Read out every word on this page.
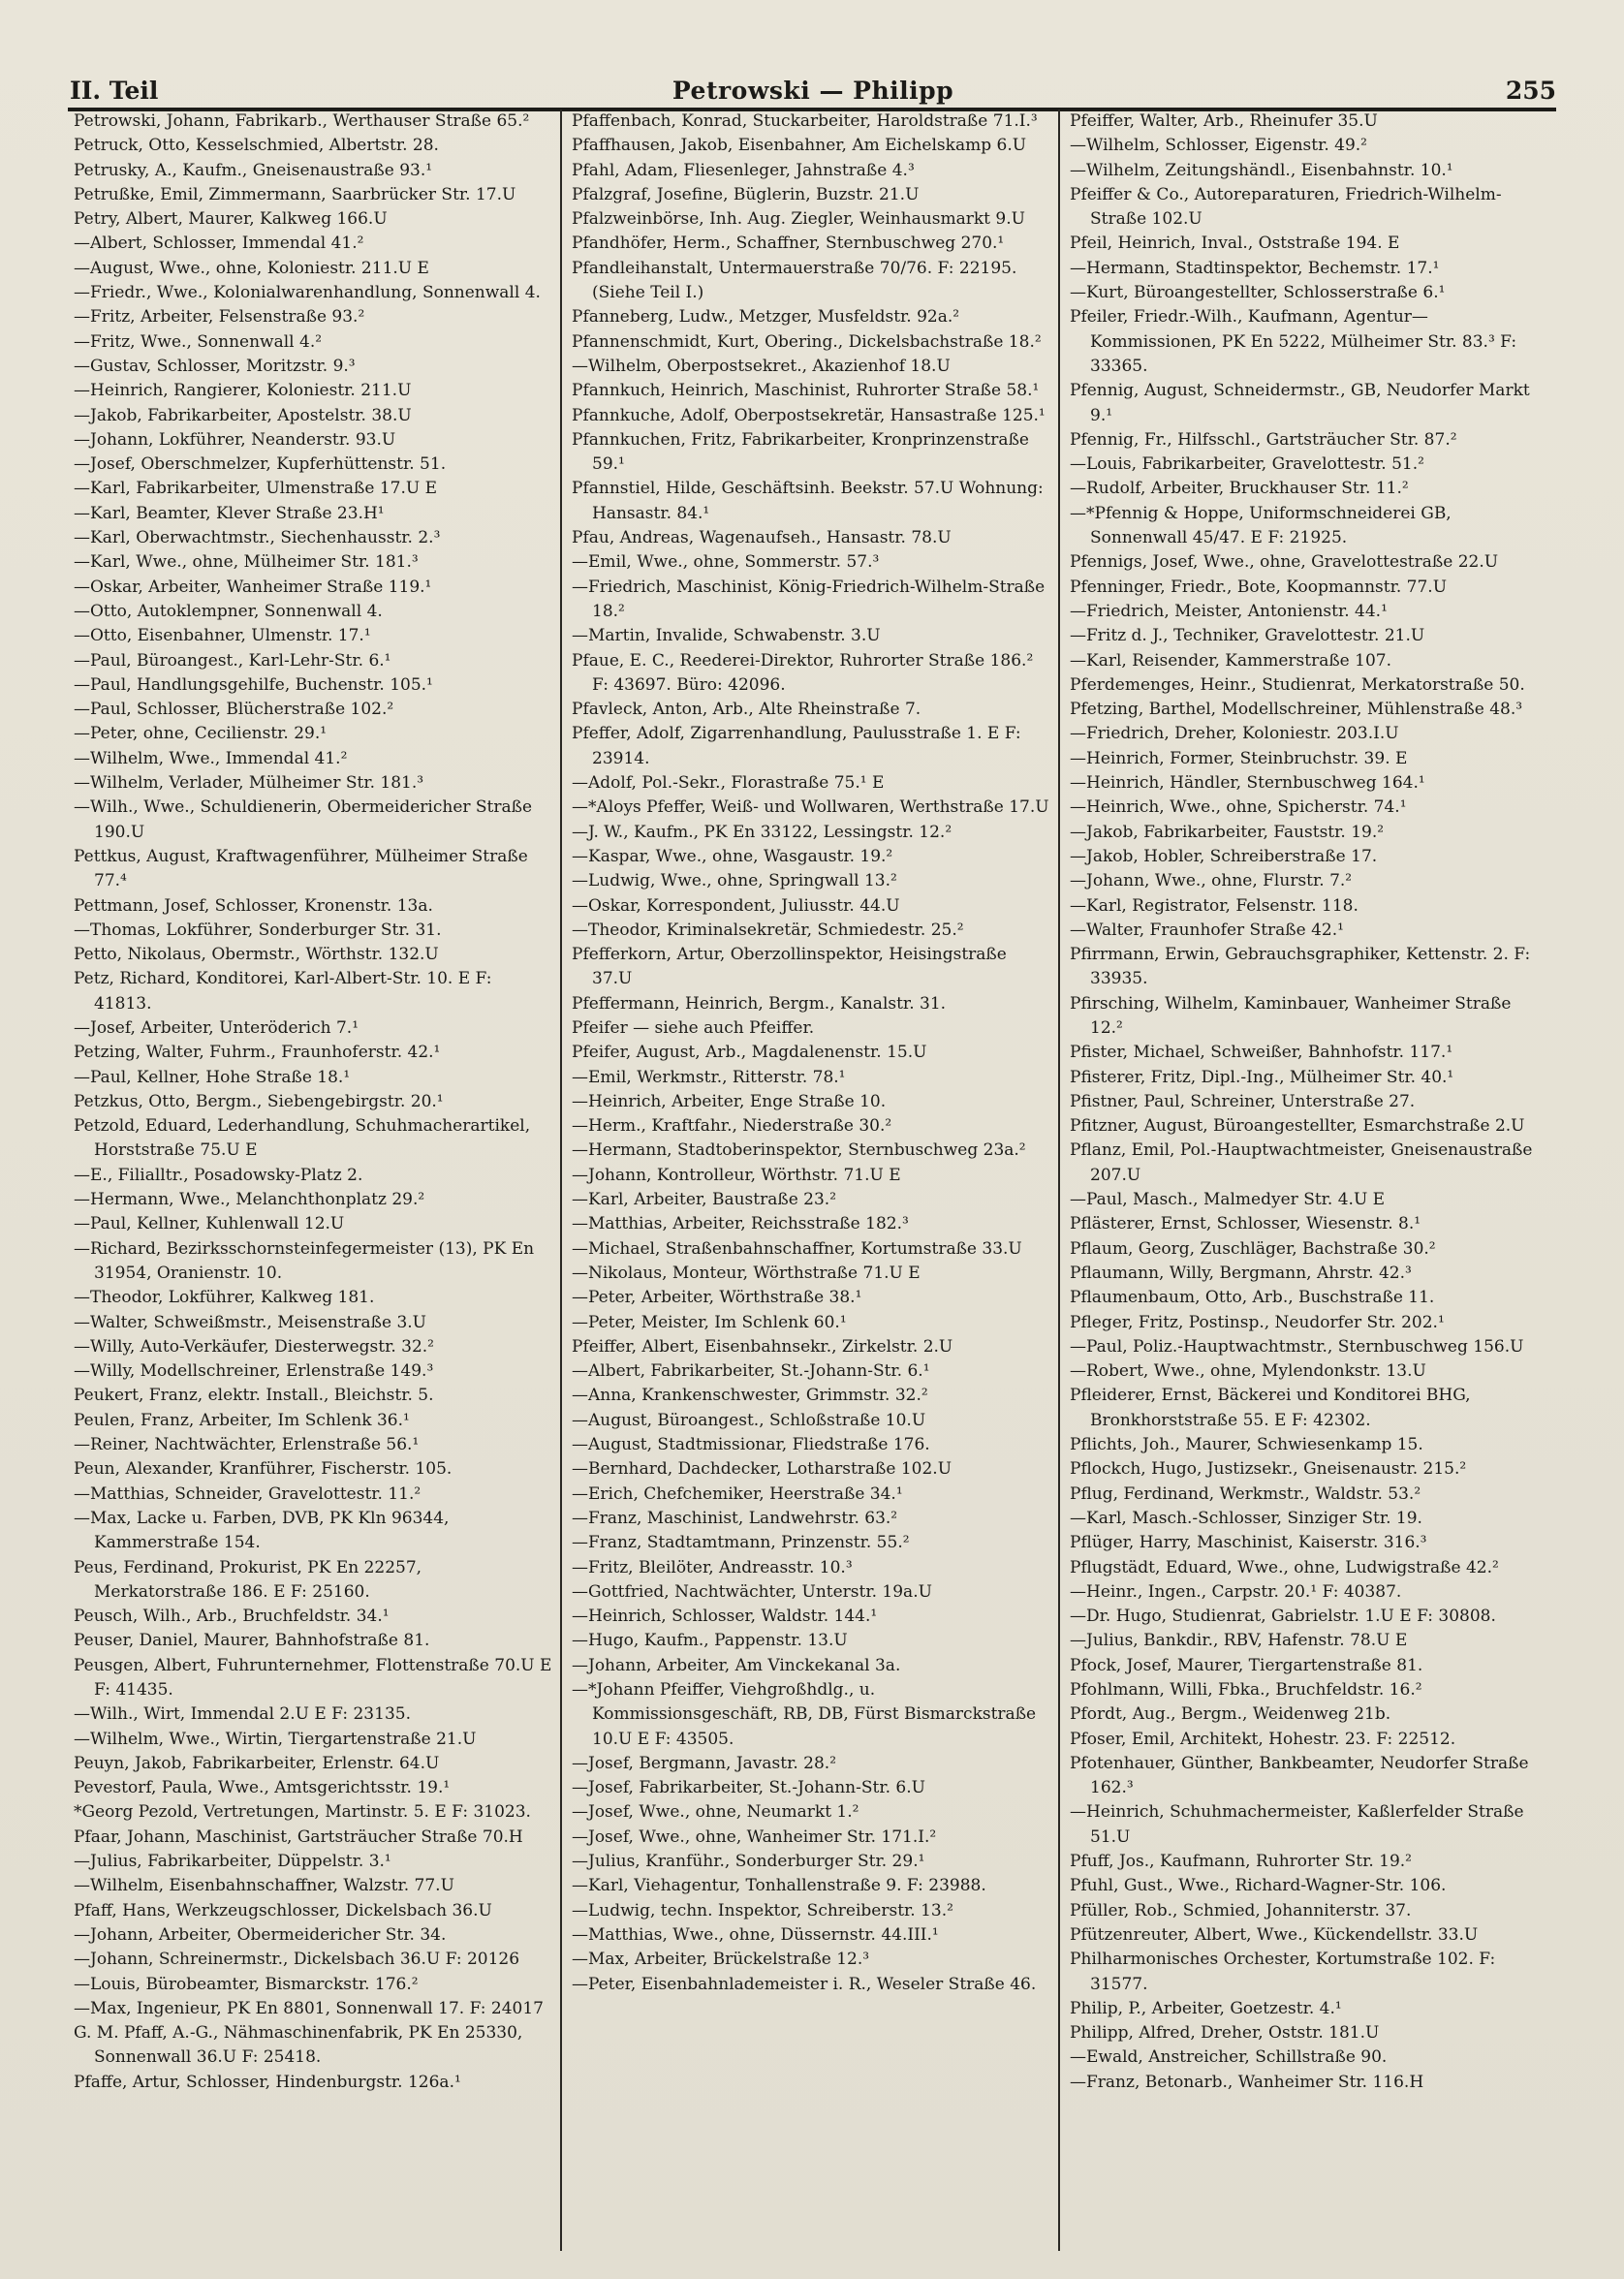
II. Teil	Petrowski — Philipp	255

Petrowski, Johann, Fabrikarb., Werthauser Straße 65.²

Petruck, Otto, Kesselschmied, Albertstr. 28.

Petrusky, A., Kaufm., Gneisenaustraße 93.¹

Petrußke, Emil, Zimmermann, Saarbrücker Str. 17.U

Petry, Albert, Maurer, Kalkweg 166.U

—Albert, Schlosser, Immendal 41.²

—August, Wwe., ohne, Koloniestr. 211.U E

—Friedr., Wwe., Kolonialwarenhandlung, Sonnenwall 4.

—Fritz, Arbeiter, Felsenstraße 93.²

—Fritz, Wwe., Sonnenwall 4.²

—Gustav, Schlosser, Moritzstr. 9.³

—Heinrich, Rangierer, Koloniestr. 211.U

—Jakob, Fabrikarbeiter, Apostelstr. 38.U

—Johann, Lokführer, Neanderstr. 93.U

—Josef, Oberschmelzer, Kupferhüttenstr. 51.

—Karl, Fabrikarbeiter, Ulmenstraße 17.U E

—Karl, Beamter, Klever Straße 23.H¹

—Karl, Oberwachtmstr., Siechenhausstr. 2.³

—Karl, Wwe., ohne, Mülheimer Str. 181.³

—Oskar, Arbeiter, Wanheimer Straße 119.¹

—Otto, Autoklempner, Sonnenwall 4.

—Otto, Eisenbahner, Ulmenstr. 17.¹

—Paul, Büroangest., Karl-Lehr-Str. 6.¹

—Paul, Handlungsgehilfe, Buchenstr. 105.¹

—Paul, Schlosser, Blücherstraße 102.²

—Peter, ohne, Cecilienstr. 29.¹

—Wilhelm, Wwe., Immendal 41.²

—Wilhelm, Verlader, Mülheimer Str. 181.³

—Wilh., Wwe., Schuldienerin, Obermeidericher Straße 190.U

Pettkus, August, Kraftwagenführer, Mülheimer Straße 77.⁴

Pettmann, Josef, Schlosser, Kronenstr. 13a.

—Thomas, Lokführer, Sonderburger Str. 31.

Petto, Nikolaus, Obermstr., Wörthstr. 132.U

Petz, Richard, Konditorei, Karl-Albert-Str. 10. E F: 41813.

—Josef, Arbeiter, Unteröderich 7.¹

Petzing, Walter, Fuhrm., Fraunhoferstr. 42.¹

—Paul, Kellner, Hohe Straße 18.¹

Petzkus, Otto, Bergm., Siebengebirgstr. 20.¹

Petzold, Eduard, Lederhandlung, Schuhmacherartikel, Horststraße 75.U E

—E., Filialltr., Posadowsky-Platz 2.

—Hermann, Wwe., Melanchthonplatz 29.²

—Paul, Kellner, Kuhlenwall 12.U

—Richard, Bezirksschornsteinfegermeister (13), PK En 31954, Oranienstr. 10.

—Theodor, Lokführer, Kalkweg 181.

—Walter, Schweißmstr., Meisenstraße 3.U

—Willy, Auto-Verkäufer, Diesterwegstr. 32.²

—Willy, Modellschreiner, Erlenstraße 149.³

Peukert, Franz, elektr. Install., Bleichstr. 5.

Peulen, Franz, Arbeiter, Im Schlenk 36.¹

—Reiner, Nachtwächter, Erlenstraße 56.¹

Peun, Alexander, Kranführer, Fischerstr. 105.

—Matthias, Schneider, Gravelottestr. 11.²

—Max, Lacke u. Farben, DVB, PK Kln 96344, Kammerstraße 154.

Peus, Ferdinand, Prokurist, PK En 22257, Merkatorstraße 186. E F: 25160.

Peusch, Wilh., Arb., Bruchfeldstr. 34.¹

Peuser, Daniel, Maurer, Bahnhofstraße 81.

Peusgen, Albert, Fuhrunternehmer, Flottenstraße 70.U E F: 41435.

—Wilh., Wirt, Immendal 2.U E F: 23135.

—Wilhelm, Wwe., Wirtin, Tiergartenstraße 21.U

Peuyn, Jakob, Fabrikarbeiter, Erlenstr. 64.U

Pevestorf, Paula, Wwe., Amtsgerichtsstr. 19.¹

*Georg Pezold, Vertretungen, Martinstr. 5. E F: 31023.

Pfaar, Johann, Maschinist, Gartsträucher Straße 70.H

—Julius, Fabrikarbeiter, Düppelstr. 3.¹

—Wilhelm, Eisenbahnschaffner, Walzstr. 77.U

Pfaff, Hans, Werkzeugschlosser, Dickelsbach 36.U

—Johann, Arbeiter, Obermeidericher Str. 34.

—Johann, Schreinermstr., Dickelsbach 36.U F: 20126

—Louis, Bürobeamter, Bismarckstr. 176.²

—Max, Ingenieur, PK En 8801, Sonnenwall 17. F: 24017

G. M. Pfaff, A.-G., Nähmaschinenfabrik, PK En 25330, Sonnenwall 36.U F: 25418.

Pfaffe, Artur, Schlosser, Hindenburgstr. 126a.¹

Pfaffenbach, Konrad, Stuckarbeiter, Haroldstraße 71.I.³

Pfaffhausen, Jakob, Eisenbahner, Am Eichelskamp 6.U

Pfahl, Adam, Fliesenleger, Jahnstraße 4.³

Pfalzgraf, Josefine, Büglerin, Buzstr. 21.U

Pfalzweinbörse, Inh. Aug. Ziegler, Weinhausmarkt 9.U

Pfandhöfer, Herm., Schaffner, Sternbuschweg 270.¹

Pfandleihanstalt, Untermauerstraße 70/76. F: 22195. (Siehe Teil I.)

Pfanneberg, Ludw., Metzger, Musfeldstr. 92a.²

Pfannenschmidt, Kurt, Obering., Dickelsbachstraße 18.²

—Wilhelm, Oberpostsekret., Akazienhof 18.U

Pfannkuch, Heinrich, Maschinist, Ruhrorter Straße 58.¹

Pfannkuche, Adolf, Oberpostsekretär, Hansastraße 125.¹

Pfannkuchen, Fritz, Fabrikarbeiter, Kronprinzenstraße 59.¹

Pfannstiel, Hilde, Geschäftsinh. Beekstr. 57.U Wohnung: Hansastr. 84.¹

Pfau, Andreas, Wagenaufseh., Hansastr. 78.U

—Emil, Wwe., ohne, Sommerstr. 57.³

—Friedrich, Maschinist, König-Friedrich-Wilhelm-Straße 18.²

—Martin, Invalide, Schwabenstr. 3.U

Pfaue, E. C., Reederei-Direktor, Ruhrorter Straße 186.² F: 43697. Büro: 42096.

Pfavleck, Anton, Arb., Alte Rheinstraße 7.

Pfeffer, Adolf, Zigarrenhandlung, Paulusstraße 1. E F: 23914.

—Adolf, Pol.-Sekr., Florastraße 75.¹ E

—*Aloys Pfeffer, Weiß- und Wollwaren, Werthstraße 17.U

—J. W., Kaufm., PK En 33122, Lessingstr. 12.²

—Kaspar, Wwe., ohne, Wasgaustr. 19.²

—Ludwig, Wwe., ohne, Springwall 13.²

—Oskar, Korrespondent, Juliusstr. 44.U

—Theodor, Kriminalsekretär, Schmiedestr. 25.²

Pfefferkorn, Artur, Oberzollinspektor, Heisingstraße 37.U

Pfeffermann, Heinrich, Bergm., Kanalstr. 31.

Pfeifer — siehe auch Pfeiffer.

Pfeifer, August, Arb., Magdalenenstr. 15.U

—Emil, Werkmstr., Ritterstr. 78.¹

—Heinrich, Arbeiter, Enge Straße 10.

—Herm., Kraftfahr., Niederstraße 30.²

—Hermann, Stadtoberinspektor, Sternbuschweg 23a.²

—Johann, Kontrolleur, Wörthstr. 71.U E

—Karl, Arbeiter, Baustraße 23.²

—Matthias, Arbeiter, Reichsstraße 182.³

—Michael, Straßenbahnschaffner, Kortumstraße 33.U

—Nikolaus, Monteur, Wörthstraße 71.U E

—Peter, Arbeiter, Wörthstraße 38.¹

—Peter, Meister, Im Schlenk 60.¹

Pfeiffer, Albert, Eisenbahnsekr., Zirkelstr. 2.U

—Albert, Fabrikarbeiter, St.-Johann-Str. 6.¹

—Anna, Krankenschwester, Grimmstr. 32.²

—August, Büroangest., Schloßstraße 10.U

—August, Stadtmissionar, Fliedstraße 176.

—Bernhard, Dachdecker, Lotharstraße 102.U

—Erich, Chefchemiker, Heerstraße 34.¹

—Franz, Maschinist, Landwehrstr. 63.²

—Franz, Stadtamtmann, Prinzenstr. 55.²

—Fritz, Bleilöter, Andreasstr. 10.³

—Gottfried, Nachtwächter, Unterstr. 19a.U

—Heinrich, Schlosser, Waldstr. 144.¹

—Hugo, Kaufm., Pappenstr. 13.U

—Johann, Arbeiter, Am Vinckekanal 3a.

—*Johann Pfeiffer, Viehgroßhdlg., u. Kommissionsgeschäft, RB, DB, Fürst Bismarckstraße 10.U E F: 43505.

—Josef, Bergmann, Javastr. 28.²

—Josef, Fabrikarbeiter, St.-Johann-Str. 6.U

—Josef, Wwe., ohne, Neumarkt 1.²

—Josef, Wwe., ohne, Wanheimer Str. 171.I.²

—Julius, Kranführ., Sonderburger Str. 29.¹

—Karl, Viehagentur, Tonhallenstraße 9. F: 23988.

—Ludwig, techn. Inspektor, Schreiberstr. 13.²

—Matthias, Wwe., ohne, Düssernstr. 44.III.¹

—Max, Arbeiter, Brückelstraße 12.³

—Peter, Eisenbahnlademeister i. R., Weseler Straße 46.

Pfeiffer, Walter, Arb., Rheinufer 35.U

—Wilhelm, Schlosser, Eigenstr. 49.²

—Wilhelm, Zeitungshändl., Eisenbahnstr. 10.¹

Pfeiffer & Co., Autoreparaturen, Friedrich-Wilhelm-Straße 102.U

Pfeil, Heinrich, Inval., Oststraße 194. E

—Hermann, Stadtinspektor, Bechemstr. 17.¹

—Kurt, Büroangestellter, Schlosserstraße 6.¹

Pfeiler, Friedr.-Wilh., Kaufmann, Agentur—Kommissionen, PK En 5222, Mülheimer Str. 83.³ F: 33365.

Pfennig, August, Schneidermstr., GB, Neudorfer Markt 9.¹

Pfennig, Fr., Hilfsschl., Gartsträucher Str. 87.²

—Louis, Fabrikarbeiter, Gravelottestr. 51.²

—Rudolf, Arbeiter, Bruckhauser Str. 11.²

—*Pfennig & Hoppe, Uniformschneiderei GB, Sonnenwall 45/47. E F: 21925.

Pfennigs, Josef, Wwe., ohne, Gravelottestraße 22.U

Pfenninger, Friedr., Bote, Koopmannstr. 77.U

—Friedrich, Meister, Antonienstr. 44.¹

—Fritz d. J., Techniker, Gravelottestr. 21.U

—Karl, Reisender, Kammerstraße 107.

Pferdemenges, Heinr., Studienrat, Merkatorstraße 50.

Pfetzing, Barthel, Modellschreiner, Mühlenstraße 48.³

—Friedrich, Dreher, Koloniestr. 203.I.U

—Heinrich, Former, Steinbruchstr. 39. E

—Heinrich, Händler, Sternbuschweg 164.¹

—Heinrich, Wwe., ohne, Spicherstr. 74.¹

—Jakob, Fabrikarbeiter, Fauststr. 19.²

—Jakob, Hobler, Schreiberstraße 17.

—Johann, Wwe., ohne, Flurstr. 7.²

—Karl, Registrator, Felsenstr. 118.

—Walter, Fraunhofer Straße 42.¹

Pfirrmann, Erwin, Gebrauchsgraphiker, Kettenstr. 2. F: 33935.

Pfirsching, Wilhelm, Kaminbauer, Wanheimer Straße 12.²

Pfister, Michael, Schweißer, Bahnhofstr. 117.¹

Pfisterer, Fritz, Dipl.-Ing., Mülheimer Str. 40.¹

Pfistner, Paul, Schreiner, Unterstraße 27.

Pfitzner, August, Büroangestellter, Esmarchstraße 2.U

Pflanz, Emil, Pol.-Hauptwachtmeister, Gneisenaustraße 207.U

—Paul, Masch., Malmedyer Str. 4.U E

Pflästerer, Ernst, Schlosser, Wiesenstr. 8.¹

Pflaum, Georg, Zuschläger, Bachstraße 30.²

Pflaumann, Willy, Bergmann, Ahrstr. 42.³

Pflaumenbaum, Otto, Arb., Buschstraße 11.

Pfleger, Fritz, Postinsp., Neudorfer Str. 202.¹

—Paul, Poliz.-Hauptwachtmstr., Sternbuschweg 156.U

—Robert, Wwe., ohne, Mylendonkstr. 13.U

Pfleiderer, Ernst, Bäckerei und Konditorei BHG, Bronkhorststraße 55. E F: 42302.

Pflichts, Joh., Maurer, Schwiesenkamp 15.

Pflockch, Hugo, Justizsekr., Gneisenaustr. 215.²

Pflug, Ferdinand, Werkmstr., Waldstr. 53.²

—Karl, Masch.-Schlosser, Sinziger Str. 19.

Pflüger, Harry, Maschinist, Kaiserstr. 316.³

Pflugstädt, Eduard, Wwe., ohne, Ludwigstraße 42.²

—Heinr., Ingen., Carpstr. 20.¹ F: 40387.

—Dr. Hugo, Studienrat, Gabrielstr. 1.U E F: 30808.

—Julius, Bankdir., RBV, Hafenstr. 78.U E

Pfock, Josef, Maurer, Tiergartenstraße 81.

Pfohlmann, Willi, Fbka., Bruchfeldstr. 16.²

Pfordt, Aug., Bergm., Weidenweg 21b.

Pfoser, Emil, Architekt, Hohestr. 23. F: 22512.

Pfotenhauer, Günther, Bankbeamter, Neudorfer Straße 162.³

—Heinrich, Schuhmachermeister, Kaßlerfelder Straße 51.U

Pfuff, Jos., Kaufmann, Ruhrorter Str. 19.²

Pfuhl, Gust., Wwe., Richard-Wagner-Str. 106.

Pfüller, Rob., Schmied, Johanniterstr. 37.

Pfützenreuter, Albert, Wwe., Kückendellstr. 33.U

Philharmonisches Orchester, Kortumstraße 102. F: 31577.

Philip, P., Arbeiter, Goetzestr. 4.¹

Philipp, Alfred, Dreher, Oststr. 181.U

—Ewald, Anstreicher, Schillstraße 90.

—Franz, Betonarb., Wanheimer Str. 116.H
